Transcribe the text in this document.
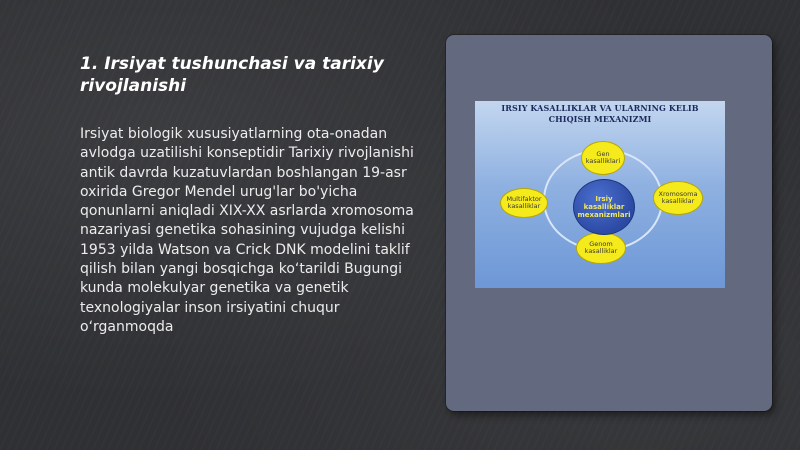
1. Irsiyat tushunchasi va tarixiy rivojlanishi

Irsiyat biologik xususiyatlarning ota-onadan avlodga uzatilishi konseptidir Tarixiy rivojlanishi antik davrda kuzatuvlardan boshlangan 19-asr oxirida Gregor Mendel urug'lar bo'yicha qonunlarni aniqladi XIX-XX asrlarda xromosoma nazariyasi genetika sohasining vujudga kelishi 1953 yilda Watson va Crick DNK modelini taklif qilish bilan yangi bosqichga ko‘tarildi Bugungi kunda molekulyar genetika va genetik texnologiyalar inson irsiyatini chuqur o‘rganmoqda

IRSIY KASALLIKLAR VA ULARNING KELIB
CHIQISH MEXANIZMI

Gen kasalliklari
Multifaktor kasalliklar
Xromosoma kasalliklar
Genom kasalliklar
Irsiy kasalliklar mexanizmlari
